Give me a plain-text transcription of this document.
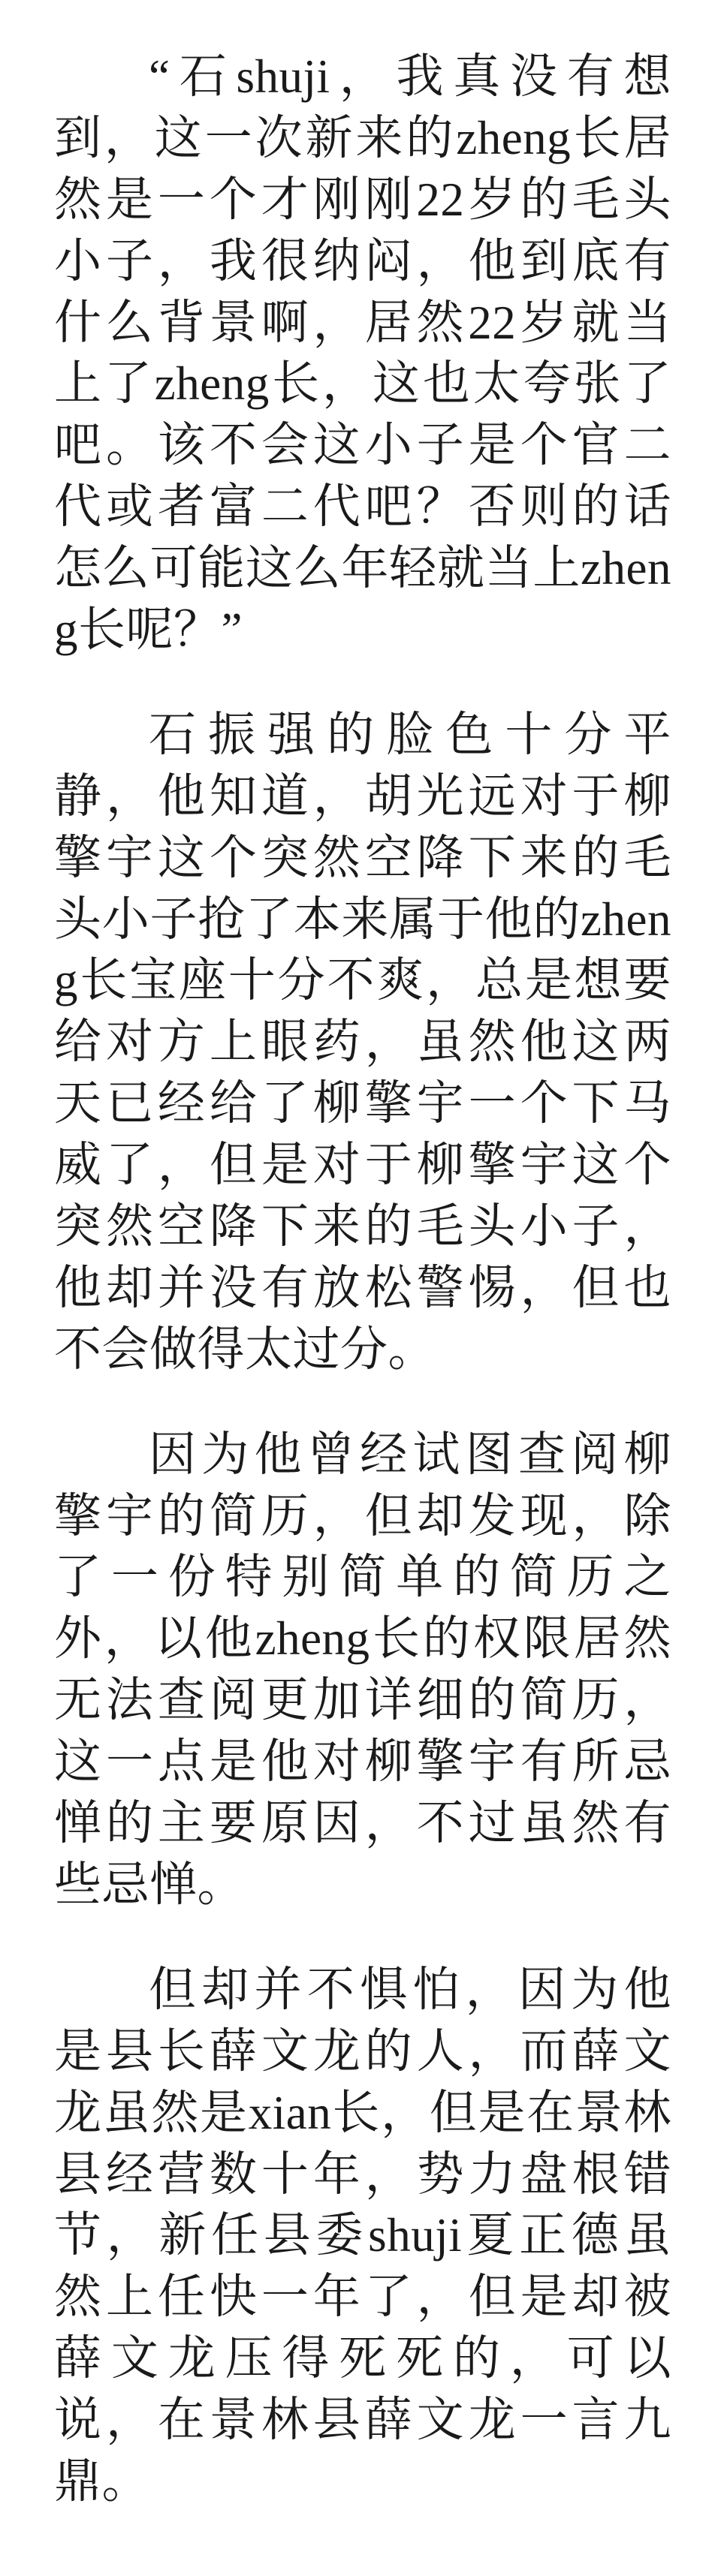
“石shuji，我真没有想到，这一次新来的zheng长居然是一个才刚刚22岁的毛头小子，我很纳闷，他到底有什么背景啊，居然22岁就当上了zheng长，这也太夸张了吧。该不会这小子是个官二代或者富二代吧？否则的话怎么可能这么年轻就当上zheng长呢？”

石振强的脸色十分平静，他知道，胡光远对于柳擎宇这个突然空降下来的毛头小子抢了本来属于他的zheng长宝座十分不爽，总是想要给对方上眼药，虽然他这两天已经给了柳擎宇一个下马威了，但是对于柳擎宇这个突然空降下来的毛头小子，他却并没有放松警惕，但也不会做得太过分。

因为他曾经试图查阅柳擎宇的简历，但却发现，除了一份特别简单的简历之外，以他zheng长的权限居然无法查阅更加详细的简历，这一点是他对柳擎宇有所忌惮的主要原因，不过虽然有些忌惮。

但却并不惧怕，因为他是县长薛文龙的人，而薛文龙虽然是xian长，但是在景林县经营数十年，势力盘根错节，新任县委shuji夏正德虽然上任快一年了，但是却被薛文龙压得死死的，可以说，在景林县薛文龙一言九鼎。
